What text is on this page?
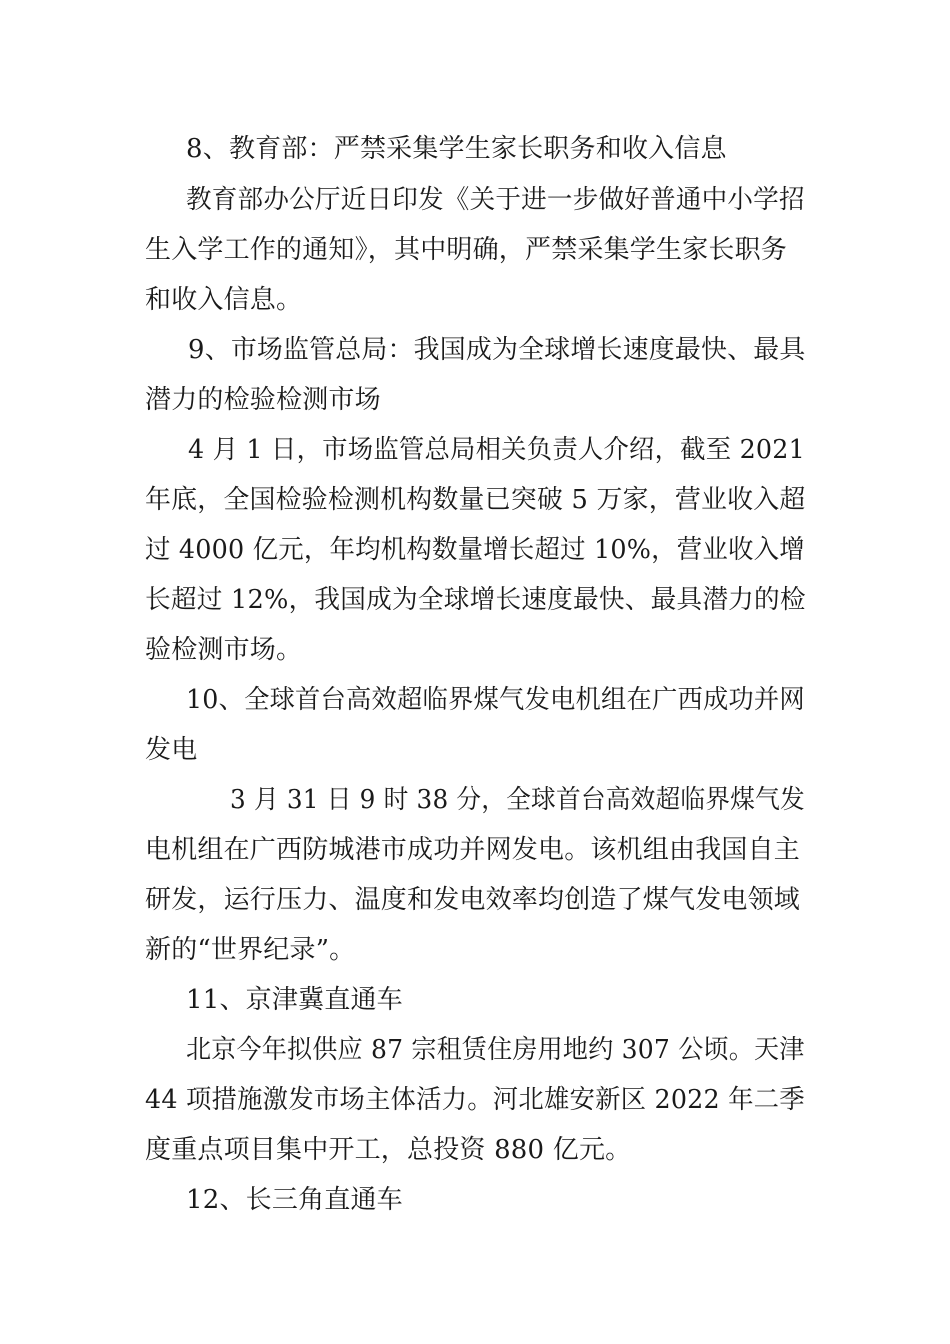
8、教育部：严禁采集学生家长职务和收入信息
教育部办公厅近日印发《关于进一步做好普通中小学招
生入学工作的通知》，其中明确，严禁采集学生家长职务
和收入信息。
9、市场监管总局：我国成为全球增长速度最快、最具
潜力的检验检测市场
4 月 1 日，市场监管总局相关负责人介绍，截至 2021
年底，全国检验检测机构数量已突破 5 万家，营业收入超
过 4000 亿元，年均机构数量增长超过 10%，营业收入增
长超过 12%，我国成为全球增长速度最快、最具潜力的检
验检测市场。
10、全球首台高效超临界煤气发电机组在广西成功并网
发电
3 月 31 日 9 时 38 分，全球首台高效超临界煤气发
电机组在广西防城港市成功并网发电。该机组由我国自主
研发，运行压力、温度和发电效率均创造了煤气发电领域
新的“世界纪录”。
11、京津冀直通车
北京今年拟供应 87 宗租赁住房用地约 307 公顷。天津
44 项措施激发市场主体活力。河北雄安新区 2022 年二季
度重点项目集中开工，总投资 880 亿元。
12、长三角直通车
